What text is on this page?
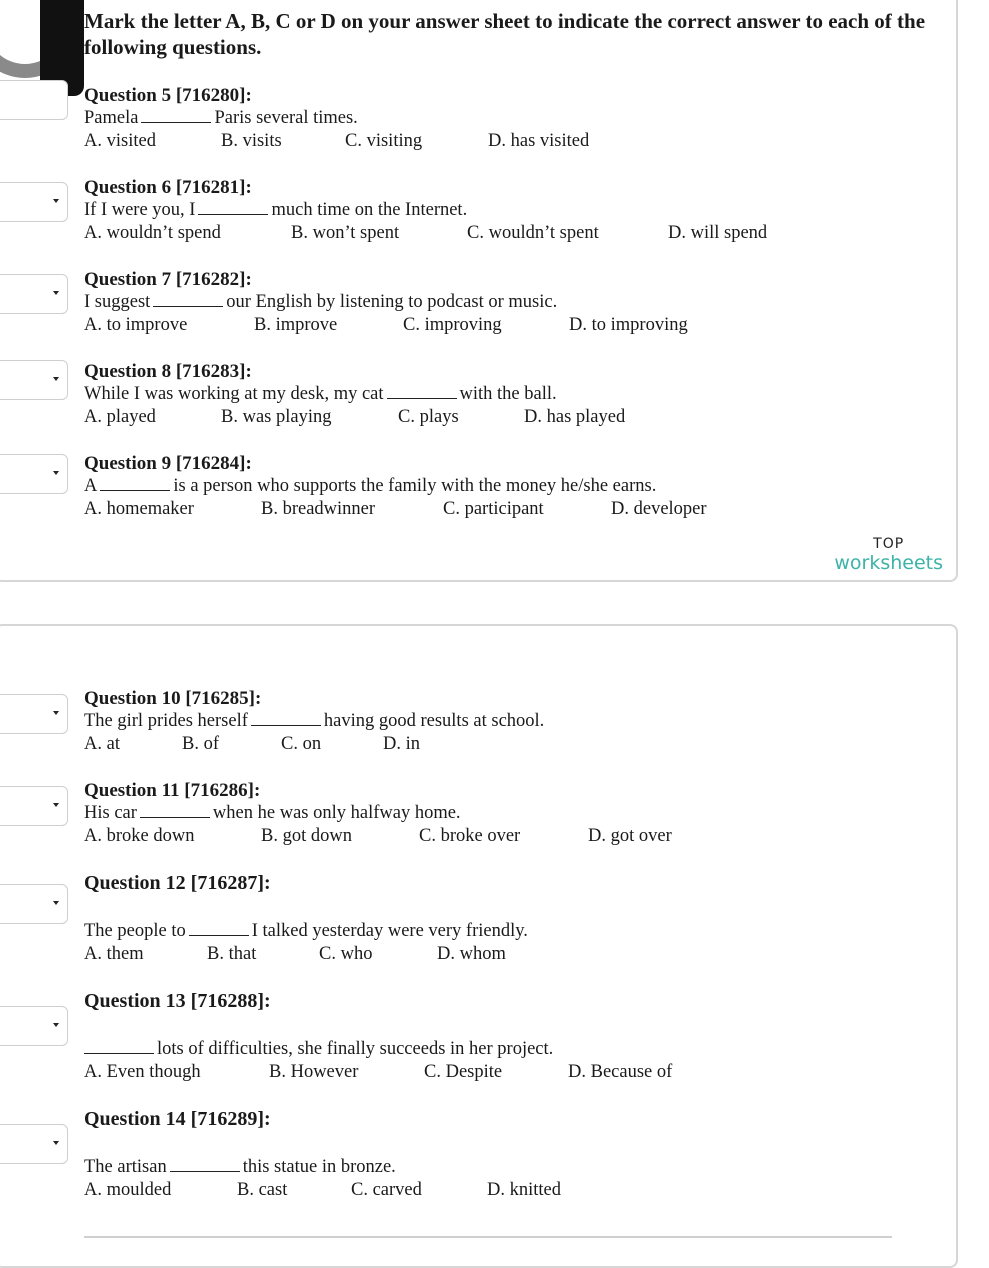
Mark the letter A, B, C or D on your answer sheet to indicate the correct answer to each of the following questions.
Question 5 [716280]:
Pamela	Paris several times.
A. visited	B. visits	C. visiting	D. has visited
Question 6 [716281]:
If I were you, I	much time on the Internet.
A. wouldn’t spend	B. won’t spent	C. wouldn’t spent	D. will spend
Question 7 [716282]:
I suggest	our English by listening to podcast or music.
A. to improve	B. improve	C. improving	D. to improving
Question 8 [716283]:
While I was working at my desk, my cat	with the ball.
A. played	B. was playing	C. plays	D. has played
Question 9 [716284]:
A	is a person who supports the family with the money he/she earns.
A. homemaker	B. breadwinner	C. participant	D. developer
TOP
worksheets
Question 10 [716285]:
The girl prides herself	having good results at school.
A. at	B. of	C. on	D. in
Question 11 [716286]:
His car	when he was only halfway home.
A. broke down	B. got down	C. broke over	D. got over
Question 12 [716287]:
The people to	I talked yesterday were very friendly.
A. them	B. that	C. who	D. whom
Question 13 [716288]:
lots of difficulties, she finally succeeds in her project.
A. Even though	B. However	C. Despite	D. Because of
Question 14 [716289]:
The artisan	this statue in bronze.
A. moulded	B. cast	C. carved	D. knitted
